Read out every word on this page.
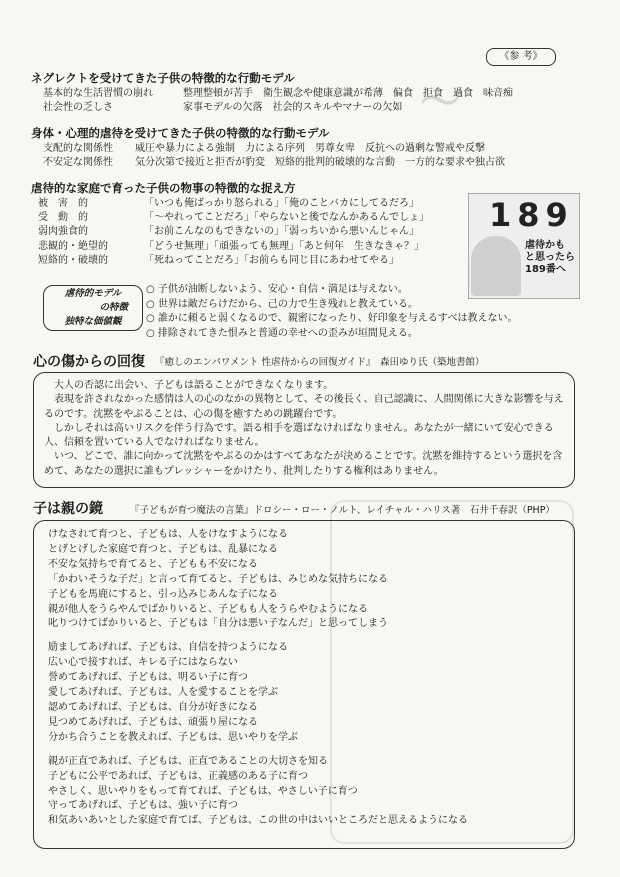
〜
《参 考》
ネグレクトを受けてきた子供の特徴的な行動モデル
基本的な生活習慣の崩れ	整理整頓が苦手　衛生観念や健康意識が希薄　偏食　拒食　過食　味音痴
社会性の乏しさ	家事モデルの欠落　社会的スキルやマナーの欠如
身体・心理的虐待を受けてきた子供の特徴的な行動モデル
支配的な関係性 威圧や暴力による強制　力による序列　男尊女卑　反抗への過剰な警戒や反撃
不安定な関係性 気分次第で接近と拒否が豹変　短絡的批判的破壊的な言動　一方的な要求や独占欲
虐待的な家庭で育った子供の物事の特徴的な捉え方
被　害　的	「いつも俺ばっかり怒られる」「俺のことバカにしてるだろ」
受　動　的	「～やれってことだろ」「やらないと後でなんかあるんでしょ」
弱肉強食的	「お前こんなのもできないの」「弱っちいから悪いんじゃん」
悲観的・絶望的	「どうせ無理」「頑張っても無理」「あと何年　生きなきゃ？」
短絡的・破壊的	「死ねってことだろ」「お前らも同じ目にあわせてやる」
189
虐待かも
と思ったら
189番へ
虐待的モデル
の特徴
独特な価値観
○ 子供が油断しないよう、安心・自信・満足は与えない。
○ 世界は敵だらけだから、己の力で生き残れと教えている。
○ 誰かに頼ると弱くなるので、親密になったり、好印象を与えるすべは教えない。
○ 排除されてきた恨みと普通の幸せへの歪みが垣間見える。
心の傷からの回復 『癒しのエンパワメント 性虐待からの回復ガイド』　森田ゆり氏（築地書館）
大人の否認に出会い、子どもは語ることができなくなります。
表現を許されなかった感情は人の心のなかの異物として、その後長く、自己認識に、人間関係に大きな影響を与えるのです。沈黙をやぶることは、心の傷を癒すための跳躍台です。
しかしそれは高いリスクを伴う行為です。語る相手を選ばなければなりません。あなたが一緒にいて安心できる人、信頼を置いている人でなければなりません。
いつ、どこで、誰に向かって沈黙をやぶるのかはすべてあなたが決めることです。沈黙を維持するという選択を含めて、あなたの選択に誰もプレッシャーをかけたり、批判したりする権利はありません。
子は親の鏡	『子どもが育つ魔法の言葉』ドロシー・ロー・ノルト、レイチャル・ハリス著　石井千春訳（PHP）
けなされて育つと、子どもは、人をけなすようになる
とげとげした家庭で育つと、子どもは、乱暴になる
不安な気持ちで育てると、子どもも不安になる
「かわいそうな子だ」と言って育てると、子どもは、みじめな気持ちになる
子どもを馬鹿にすると、引っ込みじあんな子になる
親が他人をうらやんでばかりいると、子どもも人をうらやむようになる
叱りつけてばかりいると、子どもは「自分は悪い子なんだ」と思ってしまう
励ましてあげれば、子どもは、自信を持つようになる
広い心で接すれば、キレる子にはならない
誉めてあげれば、子どもは、明るい子に育つ
愛してあげれば、子どもは、人を愛することを学ぶ
認めてあげれば、子どもは、自分が好きになる
見つめてあげれば、子どもは、頑張り屋になる
分かち合うことを教えれば、子どもは、思いやりを学ぶ
親が正直であれば、子どもは、正直であることの大切さを知る
子どもに公平であれば、子どもは、正義感のある子に育つ
やさしく、思いやりをもって育てれば、子どもは、やさしい子に育つ
守ってあげれば、子どもは、強い子に育つ
和気あいあいとした家庭で育てば、子どもは、この世の中はいいところだと思えるようになる
